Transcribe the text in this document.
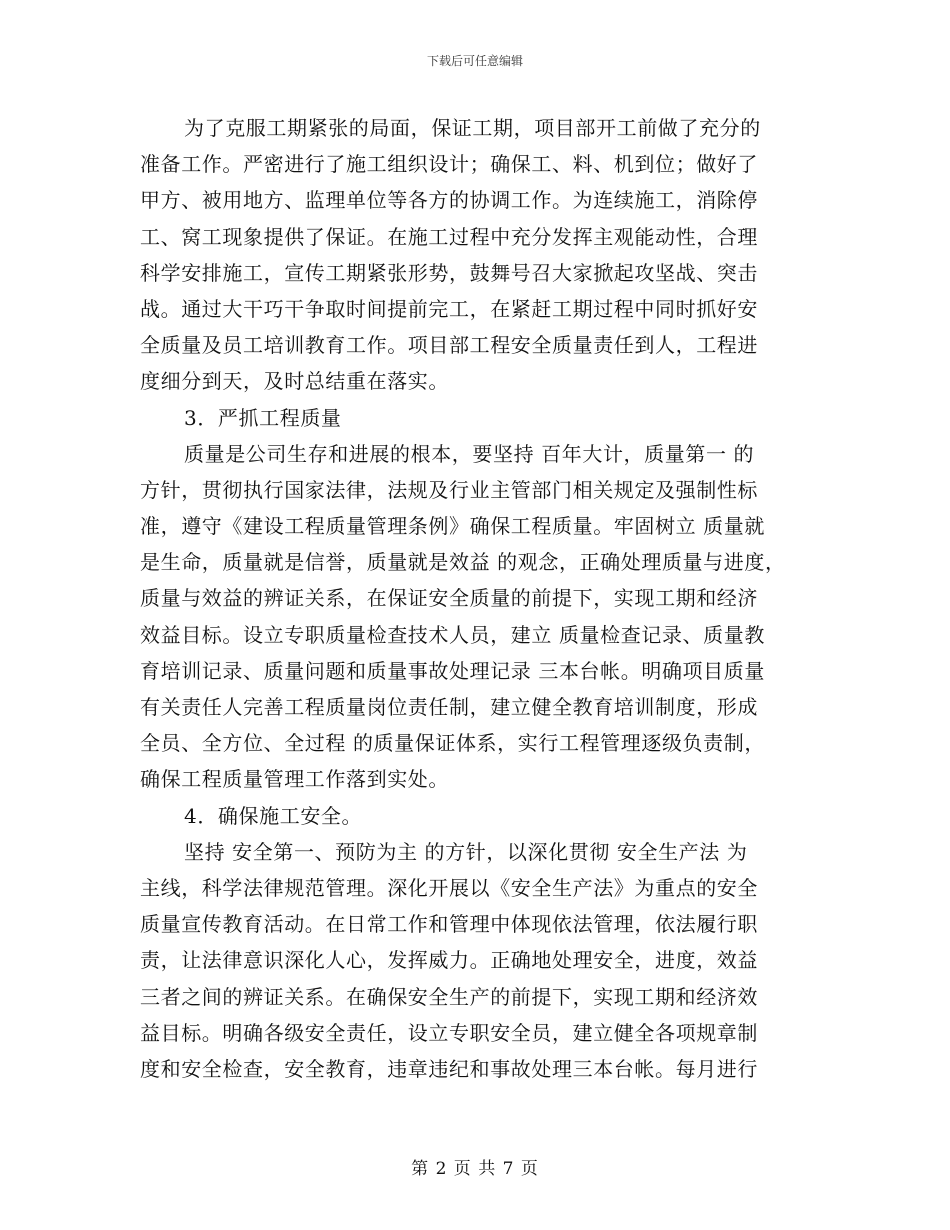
下载后可任意编辑
为了克服工期紧张的局面，保证工期，项目部开工前做了充分的
准备工作。严密进行了施工组织设计；确保工、料、机到位；做好了
甲方、被用地方、监理单位等各方的协调工作。为连续施工，消除停
工、窝工现象提供了保证。在施工过程中充分发挥主观能动性，合理
科学安排施工，宣传工期紧张形势，鼓舞号召大家掀起攻坚战、突击
战。通过大干巧干争取时间提前完工，在紧赶工期过程中同时抓好安
全质量及员工培训教育工作。项目部工程安全质量责任到人，工程进
度细分到天，及时总结重在落实。
3．严抓工程质量
质量是公司生存和进展的根本，要坚持 百年大计，质量第一 的
方针，贯彻执行国家法律，法规及行业主管部门相关规定及强制性标
准，遵守《建设工程质量管理条例》确保工程质量。牢固树立 质量就
是生命，质量就是信誉，质量就是效益 的观念，正确处理质量与进度，
质量与效益的辨证关系，在保证安全质量的前提下，实现工期和经济
效益目标。设立专职质量检查技术人员，建立 质量检查记录、质量教
育培训记录、质量问题和质量事故处理记录 三本台帐。明确项目质量
有关责任人完善工程质量岗位责任制，建立健全教育培训制度，形成
全员、全方位、全过程 的质量保证体系，实行工程管理逐级负责制，
确保工程质量管理工作落到实处。
4．确保施工安全。
坚持 安全第一、预防为主 的方针，以深化贯彻 安全生产法 为
主线，科学法律规范管理。深化开展以《安全生产法》为重点的安全
质量宣传教育活动。在日常工作和管理中体现依法管理，依法履行职
责，让法律意识深化人心，发挥威力。正确地处理安全，进度，效益
三者之间的辨证关系。在确保安全生产的前提下，实现工期和经济效
益目标。明确各级安全责任，设立专职安全员，建立健全各项规章制
度和安全检查，安全教育，违章违纪和事故处理三本台帐。每月进行
第 2 页 共 7 页
